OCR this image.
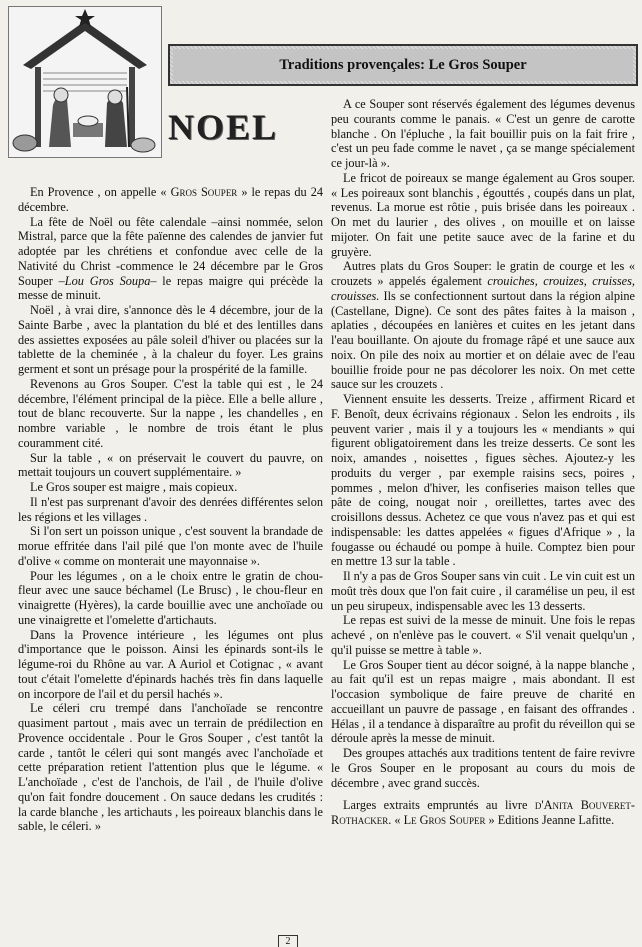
Traditions provençales: Le Gros Souper
NOEL

En Provence , on appelle « Gros Souper » le repas du 24 décembre.

La fête de Noël ou fête calendale –ainsi nommée, selon Mistral, parce que la fête païenne des calendes de janvier fut adoptée par les chrétiens et confondue avec celle de la Nativité du Christ -commence le 24 décembre par le Gros Souper –Lou Gros Soupa– le repas maigre qui précède la messe de minuit.

Noël , à vrai dire, s'annonce dès le 4 décembre, jour de la Sainte Barbe , avec la plantation du blé et des lentilles dans des assiettes exposées au pâle soleil d'hiver ou placées sur la tablette de la cheminée , à la chaleur du foyer. Les grains germent et sont un présage pour la prospérité de la famille.

Revenons au Gros Souper. C'est la table qui est , le 24 décembre, l'élément principal de la pièce. Elle a belle allure , tout de blanc recouverte. Sur la nappe , les chandelles , en nombre variable , le nombre de trois étant le plus couramment cité.

Sur la table , « on préservait le couvert du pauvre, on mettait toujours un couvert supplémentaire. »

Le Gros souper est maigre , mais copieux.

Il n'est pas surprenant d'avoir des denrées différentes selon les régions et les villages .

Si l'on sert un poisson unique , c'est souvent la brandade de morue effritée dans l'ail pilé que l'on monte avec de l'huile d'olive « comme on monterait une mayonnaise ».

Pour les légumes , on a le choix entre le gratin de chou-fleur avec une sauce béchamel (Le Brusc) , le chou-fleur en vinaigrette (Hyères), la carde bouillie avec une anchoïade ou une vinaigrette et l'omelette d'artichauts.

Dans la Provence intérieure , les légumes ont plus d'importance que le poisson. Ainsi les épinards sont-ils le légume-roi du Rhône au var. A Auriol et Cotignac , « avant tout c'était l'omelette d'épinards hachés très fin dans laquelle on incorpore de l'ail et du persil hachés ».

Le céleri cru trempé dans l'anchoïade se rencontre quasiment partout , mais avec un terrain de prédilection en Provence occidentale . Pour le Gros Souper , c'est tantôt la carde , tantôt le céleri qui sont mangés avec l'anchoïade et cette préparation retient l'attention plus que le légume. « L'anchoïade , c'est de l'anchois, de l'ail , de l'huile d'olive qu'on fait fondre doucement . On sauce dedans les crudités : la carde blanche , les artichauts , les poireaux blanchis dans le sable, le céleri. »

A ce Souper sont réservés également des légumes devenus peu courants comme le panais. « C'est un genre de carotte blanche . On l'épluche , la fait bouillir puis on la fait frire , c'est un peu fade comme le navet , ça se mange spécialement ce jour-là ».

Le fricot de poireaux se mange également au Gros souper. « Les poireaux sont blanchis , égouttés , coupés dans un plat, revenus. La morue est rôtie , puis brisée dans les poireaux . On met du laurier , des olives , on mouille et on laisse mijoter. On fait une petite sauce avec de la farine et du gruyère.

Autres plats du Gros Souper: le gratin de courge et les « crouzets » appelés également crouiches, crouizes, cruisses, crouisses. Ils se confectionnent surtout dans la région alpine (Castellane, Digne). Ce sont des pâtes faites à la maison , aplaties , découpées en lanières et cuites en les jetant dans l'eau bouillante. On ajoute du fromage râpé et une sauce aux noix. On pile des noix au mortier et on délaie avec de l'eau bouillie froide pour ne pas décolorer les noix. On met cette sauce sur les crouzets .

Viennent ensuite les desserts. Treize , affirment Ricard et F. Benoît, deux écrivains régionaux . Selon les endroits , ils peuvent varier , mais il y a toujours les « mendiants » qui figurent obligatoirement dans les treize desserts. Ce sont les noix, amandes , noisettes , figues sèches. Ajoutez-y les produits du verger , par exemple raisins secs, poires , pommes , melon d'hiver, les confiseries maison telles que pâte de coing, nougat noir , oreillettes, tartes avec des croisillons dessus. Achetez ce que vous n'avez pas et qui est indispensable: les dattes appelées « figues d'Afrique » , la fougasse ou échaudé ou pompe à huile. Comptez bien pour en mettre 13 sur la table .

Il n'y a pas de Gros Souper sans vin cuit . Le vin cuit est un moût très doux que l'on fait cuire , il caramélise un peu, il est un peu sirupeux, indispensable avec les 13 desserts.

Le repas est suivi de la messe de minuit. Une fois le repas achevé , on n'enlève pas le couvert. « S'il venait quelqu'un , qu'il puisse se mettre à table ».

Le Gros Souper tient au décor soigné, à la nappe blanche , au fait qu'il est un repas maigre , mais abondant. Il est l'occasion symbolique de faire preuve de charité en accueillant un pauvre de passage , en faisant des offrandes . Hélas , il a tendance à disparaître au profit du réveillon qui se déroule après la messe de minuit.

Des groupes attachés aux traditions tentent de faire revivre le Gros Souper en le proposant au cours du mois de décembre , avec grand succès.

Larges extraits empruntés au livre d'Anita Bouveret-Rothacker. « Le Gros Souper » Editions Jeanne Lafitte.

2
